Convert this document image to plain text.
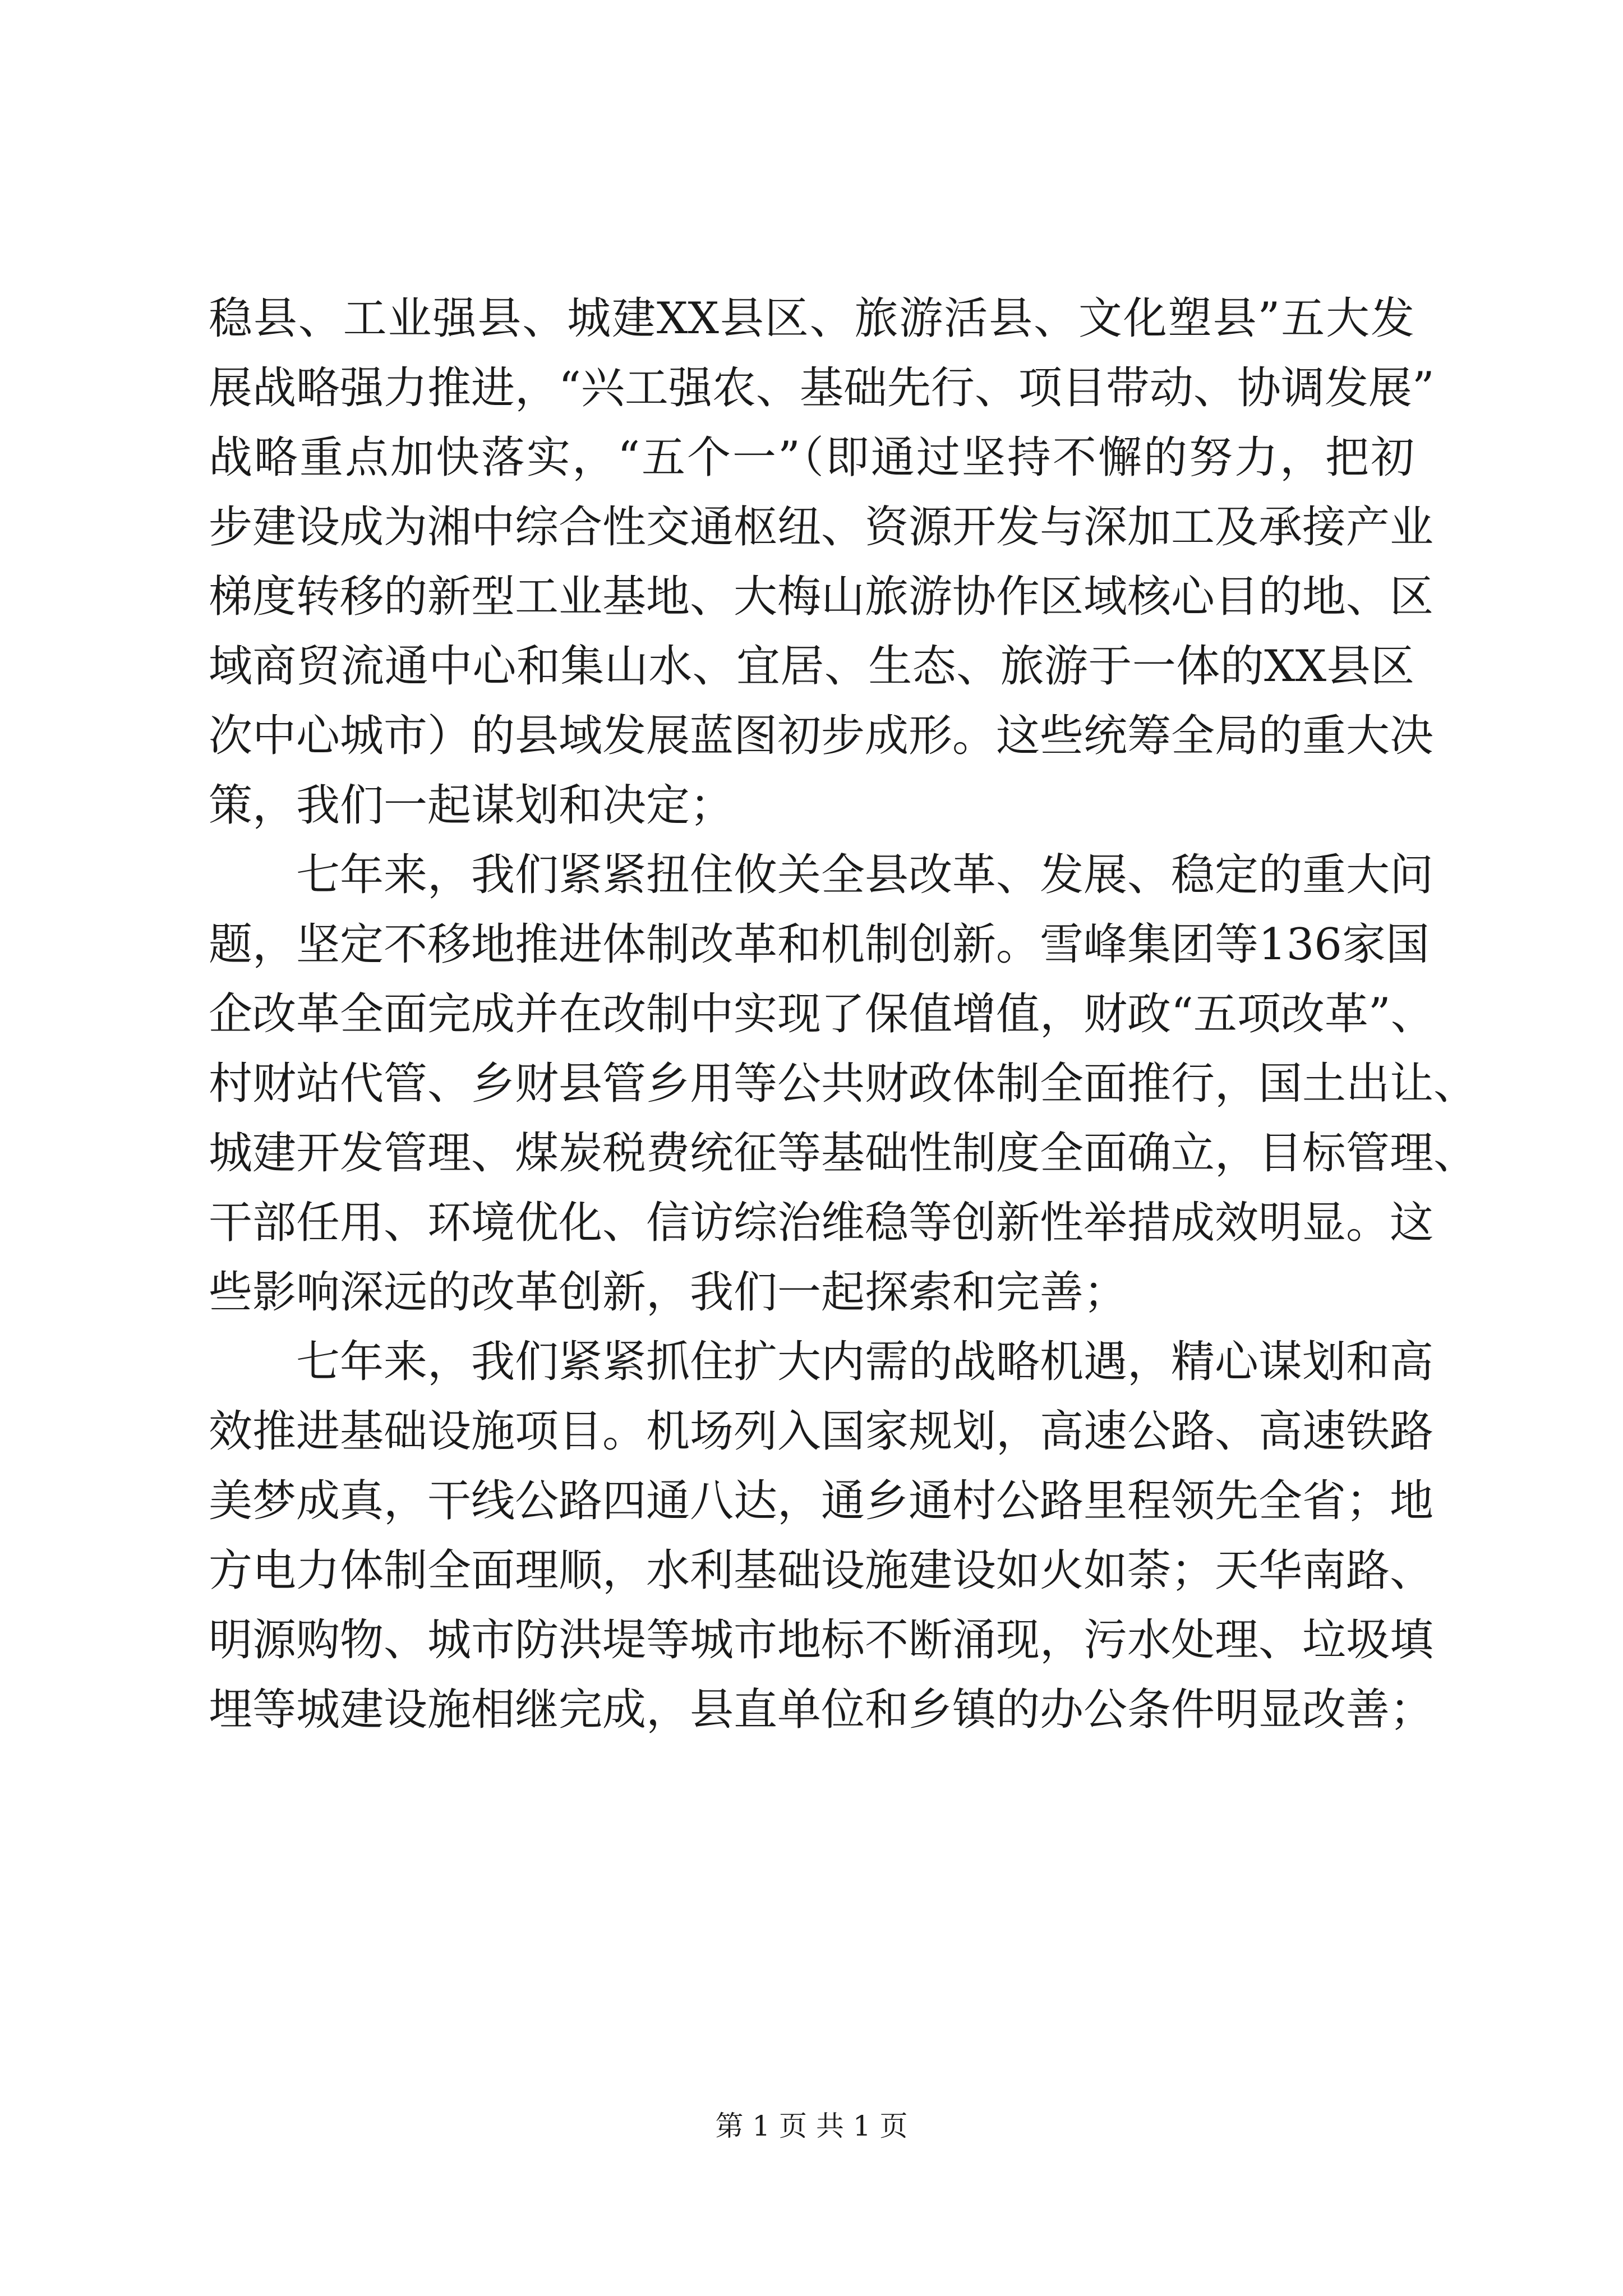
稳县、工业强县、城建XX县区、旅游活县、文化塑县”五大发
展战略强力推进，“兴工强农、基础先行、项目带动、协调发展”
战略重点加快落实，“五个一”（即通过坚持不懈的努力，把初
步建设成为湘中综合性交通枢纽、资源开发与深加工及承接产业
梯度转移的新型工业基地、大梅山旅游协作区域核心目的地、区
域商贸流通中心和集山水、宜居、生态、旅游于一体的XX县区
次中心城市）的县域发展蓝图初步成形。这些统筹全局的重大决
策，我们一起谋划和决定；
七年来，我们紧紧扭住攸关全县改革、发展、稳定的重大问
题，坚定不移地推进体制改革和机制创新。雪峰集团等136家国
企改革全面完成并在改制中实现了保值增值，财政“五项改革”、
村财站代管、乡财县管乡用等公共财政体制全面推行，国土出让、
城建开发管理、煤炭税费统征等基础性制度全面确立，目标管理、
干部任用、环境优化、信访综治维稳等创新性举措成效明显。这
些影响深远的改革创新，我们一起探索和完善；
七年来，我们紧紧抓住扩大内需的战略机遇，精心谋划和高
效推进基础设施项目。机场列入国家规划，高速公路、高速铁路
美梦成真，干线公路四通八达，通乡通村公路里程领先全省；地
方电力体制全面理顺，水利基础设施建设如火如荼；天华南路、
明源购物、城市防洪堤等城市地标不断涌现，污水处理、垃圾填
埋等城建设施相继完成，县直单位和乡镇的办公条件明显改善；
第 1 页 共 1 页
